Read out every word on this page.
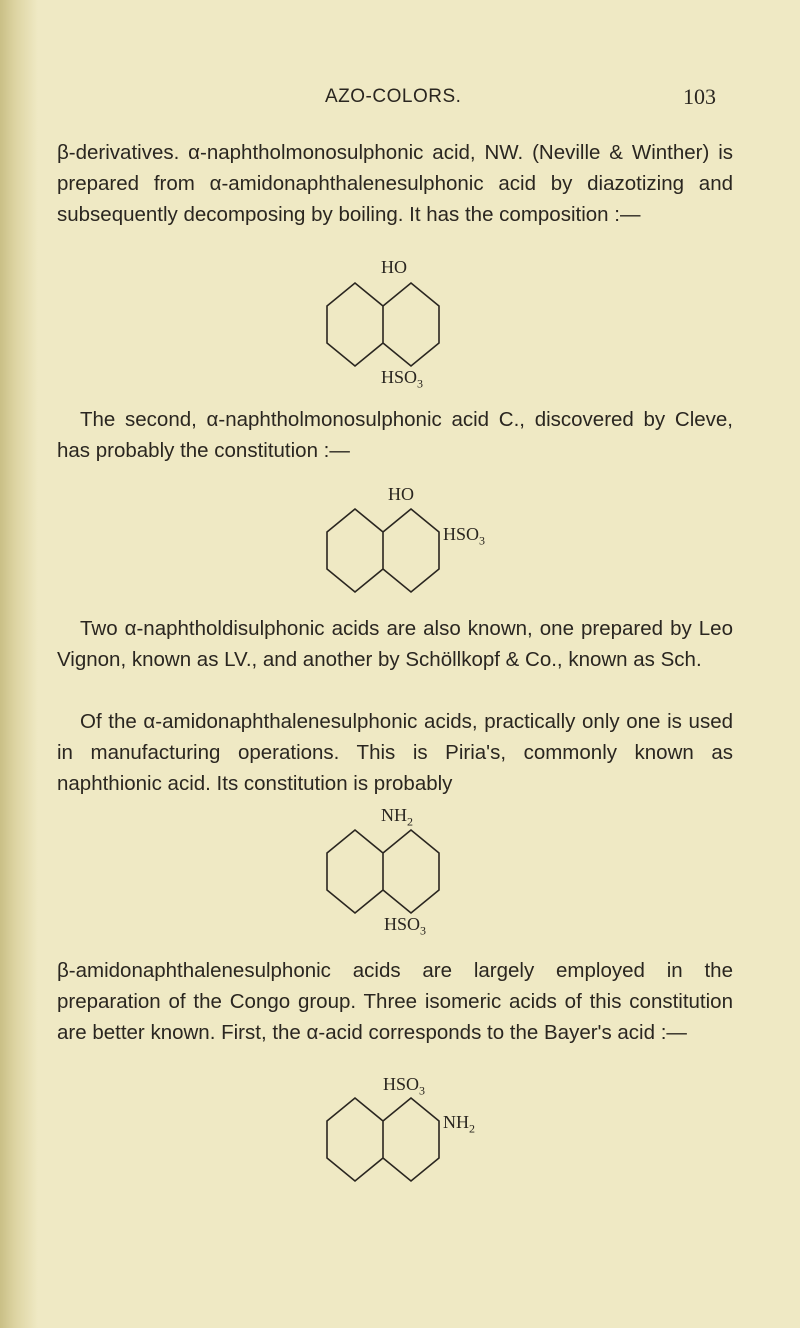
AZO-COLORS.	103

β-derivatives. α-naphtholmonosulphonic acid, NW. (Neville & Winther) is prepared from α-amidonaphthalenesulphonic acid by diazotizing and subsequently decomposing by boiling. It has the composition :—

HO
$HSO_3$

The second, α-naphtholmonosulphonic acid C., discovered by Cleve, has probably the constitution :—

HO
$HSO_3$

Two α-naphtholdisulphonic acids are also known, one prepared by Leo Vignon, known as LV., and another by Schöllkopf & Co., known as Sch.

Of the α-amidonaphthalenesulphonic acids, practically only one is used in manufacturing operations. This is Piria's, commonly known as naphthionic acid. Its constitution is probably

$NH_2$
$HSO_3$

β-amidonaphthalenesulphonic acids are largely employed in the preparation of the Congo group. Three isomeric acids of this constitution are better known. First, the α-acid corresponds to the Bayer's acid :—

$HSO_3$
$NH_2$
